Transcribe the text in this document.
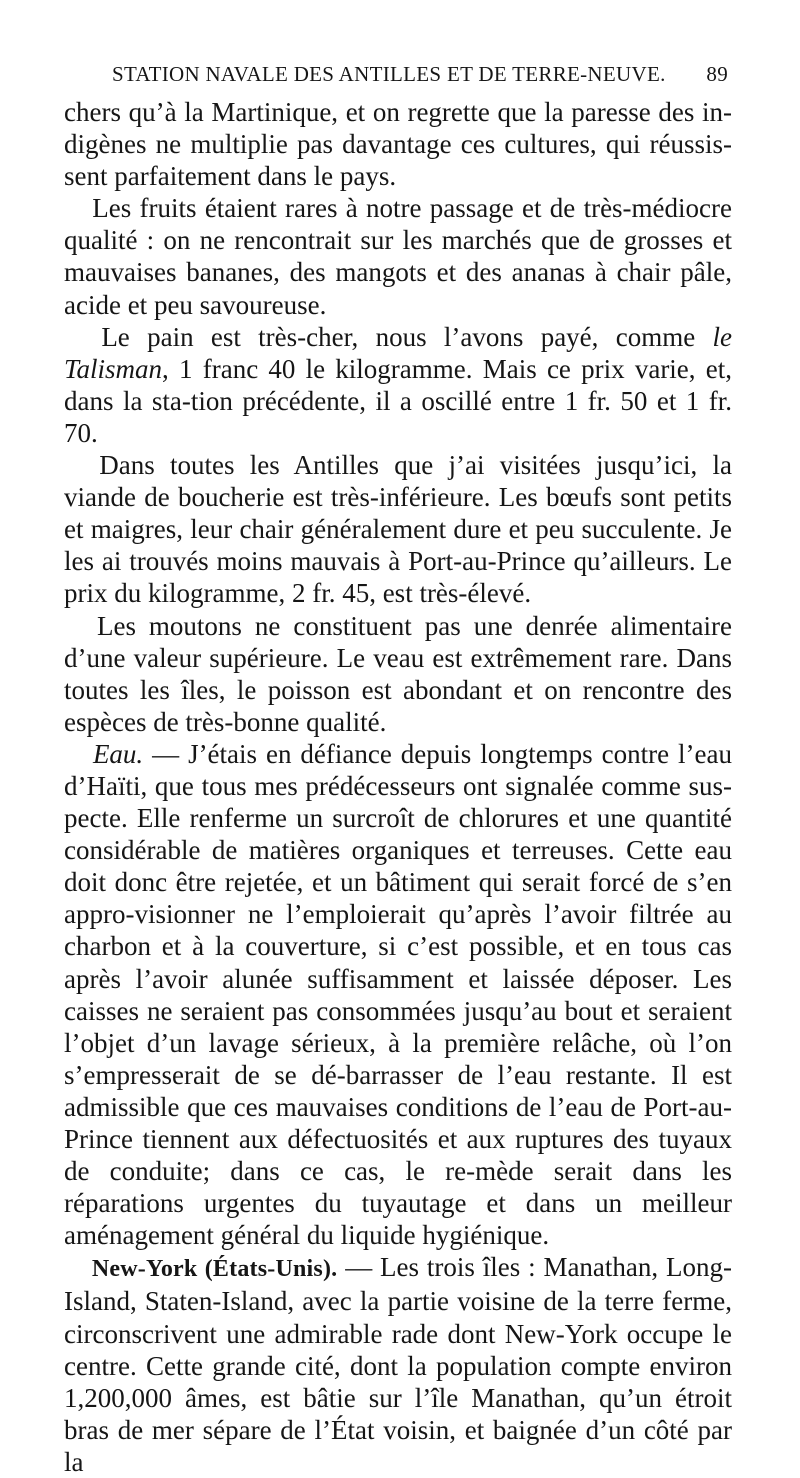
STATION NAVALE DES ANTILLES ET DE TERRE-NEUVE. 89

chers qu’à la Martinique, et on regrette que la paresse des in-digènes ne multiplie pas davantage ces cultures, qui réussis-sent parfaitement dans le pays.

Les fruits étaient rares à notre passage et de très-médiocre qualité : on ne rencontrait sur les marchés que de grosses et mauvaises bananes, des mangots et des ananas à chair pâle, acide et peu savoureuse.

Le pain est très-cher, nous l’avons payé, comme le Talisman, 1 franc 40 le kilogramme. Mais ce prix varie, et, dans la sta-tion précédente, il a oscillé entre 1 fr. 50 et 1 fr. 70.

Dans toutes les Antilles que j’ai visitées jusqu’ici, la viande de boucherie est très-inférieure. Les bœufs sont petits et maigres, leur chair généralement dure et peu succulente. Je les ai trouvés moins mauvais à Port-au-Prince qu’ailleurs. Le prix du kilogramme, 2 fr. 45, est très-élevé.

Les moutons ne constituent pas une denrée alimentaire d’une valeur supérieure. Le veau est extrêmement rare. Dans toutes les îles, le poisson est abondant et on rencontre des espèces de très-bonne qualité.

Eau. — J’étais en défiance depuis longtemps contre l’eau d’Haïti, que tous mes prédécesseurs ont signalée comme sus-pecte. Elle renferme un surcroît de chlorures et une quantité considérable de matières organiques et terreuses. Cette eau doit donc être rejetée, et un bâtiment qui serait forcé de s’en appro-visionner ne l’emploierait qu’après l’avoir filtrée au charbon et à la couverture, si c’est possible, et en tous cas après l’avoir alunée suffisamment et laissée déposer. Les caisses ne seraient pas consommées jusqu’au bout et seraient l’objet d’un lavage sérieux, à la première relâche, où l’on s’empresserait de se dé-barrasser de l’eau restante. Il est admissible que ces mauvaises conditions de l’eau de Port-au-Prince tiennent aux défectuosités et aux ruptures des tuyaux de conduite; dans ce cas, le re-mède serait dans les réparations urgentes du tuyautage et dans un meilleur aménagement général du liquide hygiénique.

New-York (États-Unis). — Les trois îles : Manathan, Long-Island, Staten-Island, avec la partie voisine de la terre ferme, circonscrivent une admirable rade dont New-York occupe le centre. Cette grande cité, dont la population compte environ 1,200,000 âmes, est bâtie sur l’île Manathan, qu’un étroit bras de mer sépare de l’État voisin, et baignée d’un côté par la
